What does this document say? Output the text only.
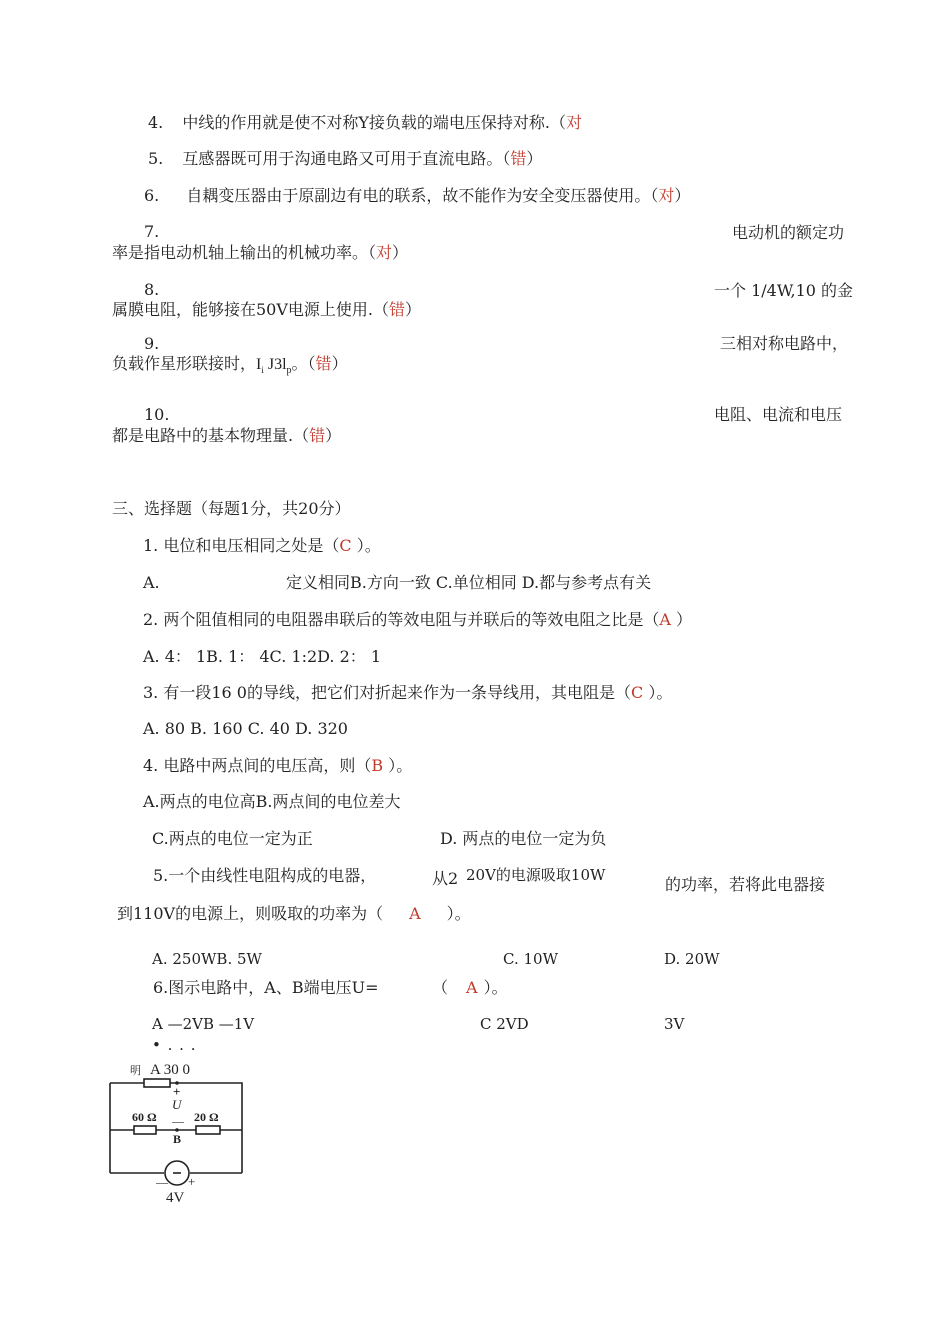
4. 中线的作用就是使不对称Y接负载的端电压保持对称.（对
5. 互感器既可用于沟通电路又可用于直流电路。（错）
6. 自耦变压器由于原副边有电的联系，故不能作为安全变压器使用。（对）
7.	电动机的额定功
率是指电动机轴上输出的机械功率。（对）
8.	一个 1/4W,10 的金
属膜电阻，能够接在50V电源上使用.（错）
9.	三相对称电路中，
负载作星形联接时，$I_i$ $J3l_p$。（错）
10.	电阻、电流和电压
都是电路中的基本物理量.（错）
三、选择题（每题1分，共20分）
1. 电位和电压相同之处是（C ）。
A.	定义相同B.方向一致 C.单位相同 D.都与参考点有关
2. 两个阻值相同的电阻器串联后的等效电阻与并联后的等效电阻之比是（A ）
A. 4： 1B. 1： 4C. 1:2D. 2： 1
3. 有一段16 0的导线，把它们对折起来作为一条导线用，其电阻是（C ）。
A. 80 B. 160 C. 40 D. 320
4. 电路中两点间的电压高，则（B ）。
A.两点的电位高B.两点间的电位差大
C.两点的电位一定为正	D. 两点的电位一定为负
5.一个由线性电阻构成的电器，	从2 20V的电源吸取10W	的功率，若将此电器接
到110V的电源上，则吸取的功率为（ A ）。
A. 250WB. 5W	C. 10W	D. 20W
6.图示电路中，A、B端电压U=	（ A ）。
A —2VB —1V	C 2VD	3V
• . . .
明 A 30 0
+
U
—
60 Ω	20 Ω
B
— +
4V
